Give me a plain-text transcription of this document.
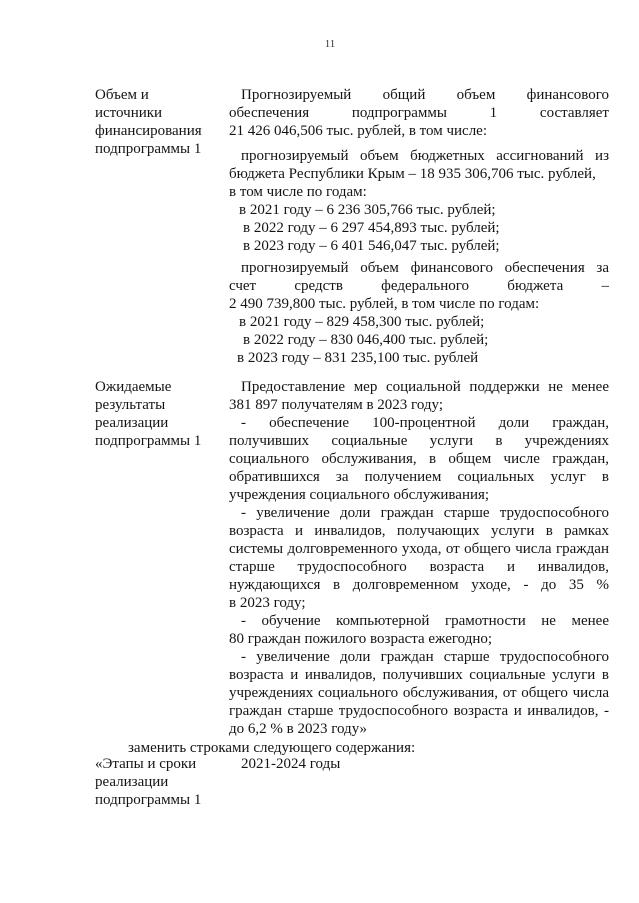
11
Объем и
источники
финансирования
подпрограммы 1
Прогнозируемый общий объем финансового
обеспечения подпрограммы 1 составляет
21 426 046,506 тыс. рублей, в том числе:
прогнозируемый объем бюджетных ассигнований из
бюджета Республики Крым – 18 935 306,706 тыс. рублей,
в том числе по годам:
в 2021 году – 6 236 305,766 тыс. рублей;
в 2022 году – 6 297 454,893 тыс. рублей;
в 2023 году – 6 401 546,047 тыс. рублей;
прогнозируемый объем финансового обеспечения за
счет средств федерального бюджета –
2 490 739,800 тыс. рублей, в том числе по годам:
в 2021 году – 829 458,300 тыс. рублей;
в 2022 году – 830 046,400 тыс. рублей;
в 2023 году – 831 235,100 тыс. рублей
Ожидаемые
результаты
реализации
подпрограммы 1
Предоставление мер социальной поддержки не менее
381 897 получателям в 2023 году;
- обеспечение 100-процентной доли граждан,
получивших социальные услуги в учреждениях
социального обслуживания, в общем числе граждан,
обратившихся за получением социальных услуг в
учреждения социального обслуживания;
- увеличение доли граждан старше трудоспособного
возраста и инвалидов, получающих услуги в рамках
системы долговременного ухода, от общего числа граждан
старше трудоспособного возраста и инвалидов,
нуждающихся в долговременном уходе, - до 35 %
в 2023 году;
- обучение компьютерной грамотности не менее
80 граждан пожилого возраста ежегодно;
- увеличение доли граждан старше трудоспособного
возраста и инвалидов, получивших социальные услуги в
учреждениях социального обслуживания, от общего числа
граждан старше трудоспособного возраста и инвалидов, -
до 6,2 % в 2023 году»
заменить строками следующего содержания:
«Этапы и сроки
реализации
подпрограммы 1
2021-2024 годы
